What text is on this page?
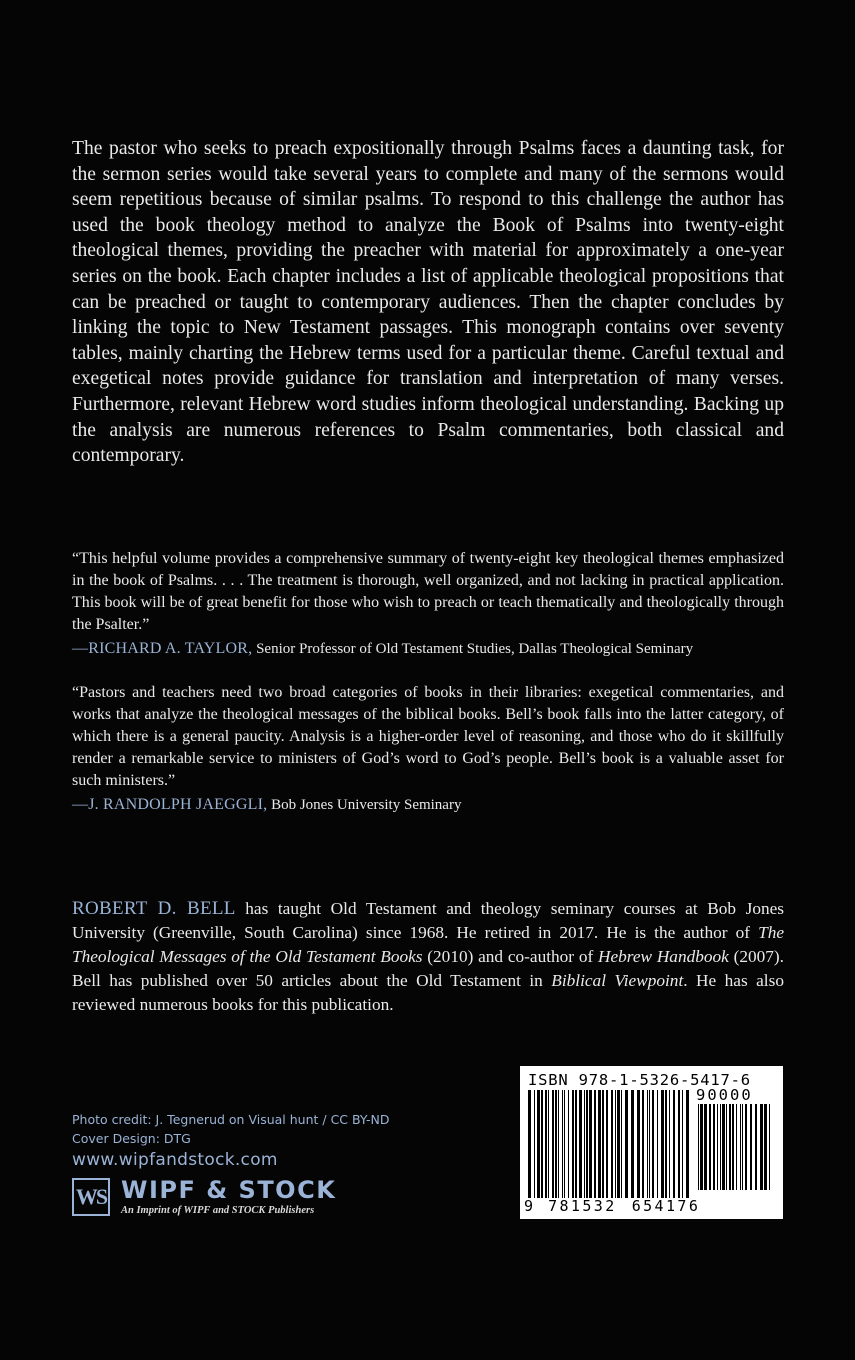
The pastor who seeks to preach expositionally through Psalms faces a daunting task, for the sermon series would take several years to complete and many of the sermons would seem repetitious because of similar psalms. To respond to this challenge the author has used the book theology method to analyze the Book of Psalms into twenty-eight theological themes, providing the preacher with material for approximately a one-year series on the book. Each chapter includes a list of applicable theological propositions that can be preached or taught to contemporary audiences. Then the chapter concludes by linking the topic to New Testament passages. This monograph contains over seventy tables, mainly charting the Hebrew terms used for a particular theme. Careful textual and exegetical notes provide guidance for translation and interpretation of many verses. Furthermore, relevant Hebrew word studies inform theological understanding. Backing up the analysis are numerous references to Psalm commentaries, both classical and contemporary.

“This helpful volume provides a comprehensive summary of twenty-eight key theological themes emphasized in the book of Psalms. . . . The treatment is thorough, well organized, and not lacking in practical application. This book will be of great benefit for those who wish to preach or teach thematically and theologically through the Psalter.”

—RICHARD A. TAYLOR, Senior Professor of Old Testament Studies, Dallas Theological Seminary

“Pastors and teachers need two broad categories of books in their libraries: exegetical commentaries, and works that analyze the theological messages of the biblical books. Bell’s book falls into the latter category, of which there is a general paucity. Analysis is a higher-order level of reasoning, and those who do it skillfully render a remarkable service to ministers of God’s word to God’s people. Bell’s book is a valuable asset for such ministers.”

—J. RANDOLPH JAEGGLI, Bob Jones University Seminary

ROBERT D. BELL has taught Old Testament and theology seminary courses at Bob Jones University (Greenville, South Carolina) since 1968. He retired in 2017. He is the author of The Theological Messages of the Old Testament Books (2010) and co-author of Hebrew Handbook (2007). Bell has published over 50 articles about the Old Testament in Biblical Viewpoint. He has also reviewed numerous books for this publication.

Photo credit: J. Tegnerud on Visual hunt / CC BY-ND
Cover Design: DTG
www.wipfandstock.com
WS WIPF & STOCK
An Imprint of WIPF and STOCK Publishers
ISBN 978-1-5326-5417-6
90000
9 781532 654176
